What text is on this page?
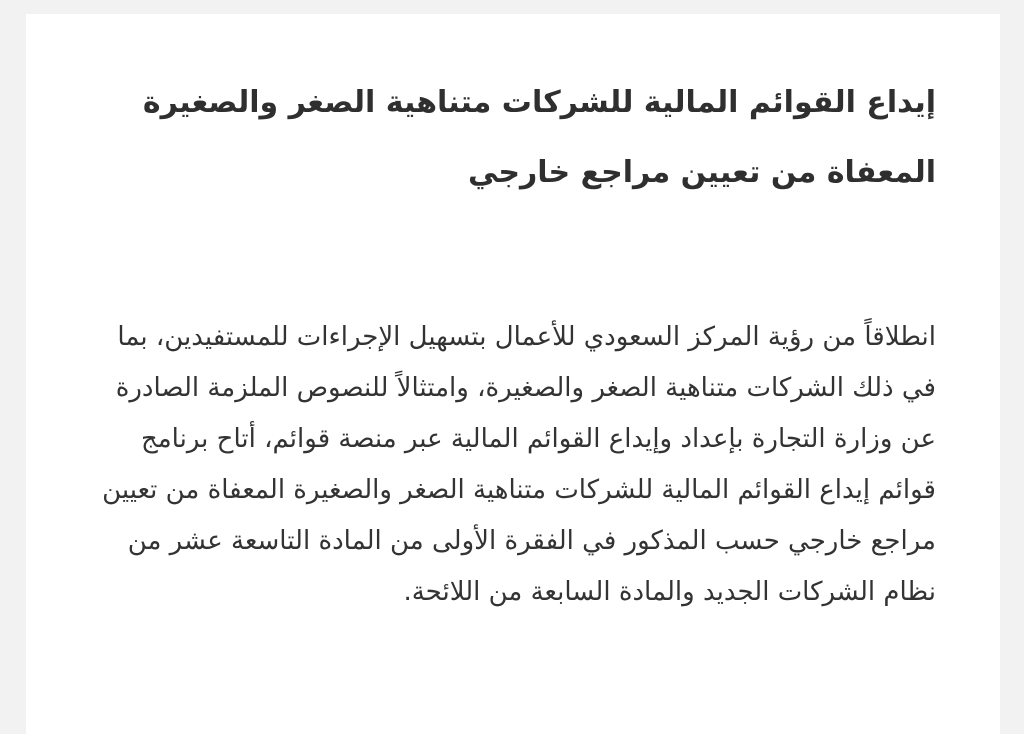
إيداع القوائم المالية للشركات متناهية الصغر والصغيرة المعفاة من تعيين مراجع خارجي

انطلاقاً من رؤية المركز السعودي للأعمال بتسهيل الإجراءات للمستفيدين، بما في ذلك الشركات متناهية الصغر والصغيرة، وامتثالاً للنصوص الملزمة الصادرة عن وزارة التجارة بإعداد وإيداع القوائم المالية عبر منصة قوائم، أتاح برنامج قوائم إيداع القوائم المالية للشركات متناهية الصغر والصغيرة المعفاة من تعيين مراجع خارجي حسب المذكور في الفقرة الأولى من المادة التاسعة عشر من نظام الشركات الجديد والمادة السابعة من اللائحة.
